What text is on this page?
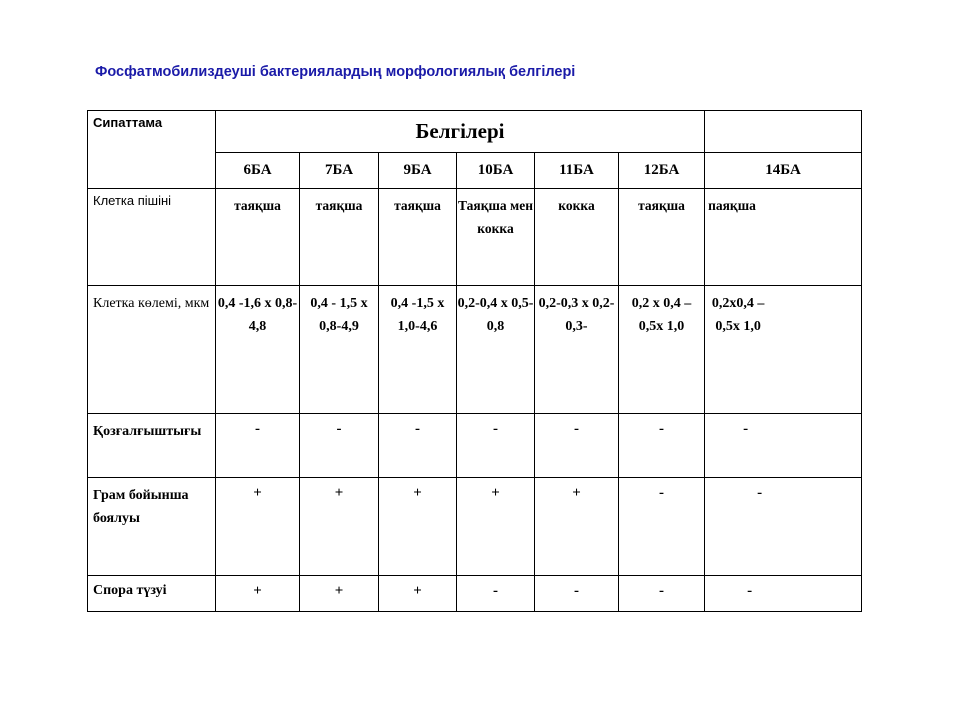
Фосфатмобилиздеуші бактериялардың морфологиялық белгілері
Сипаттама	Белгілері						
	6БА	7БА	9БА	10БА	11БА	12БА	14БА
Клетка пішіні	таяқша	таяқша	таяқша	Таяқша мен кокка	кокка	таяқша	паяқша
Клетка көлемі, мкм	0,4 -1,6 х 0,8-4,8	0,4 - 1,5 х 0,8-4,9	0,4 -1,5 х 1,0-4,6	0,2-0,4 х 0,5-0,8	0,2-0,3 х 0,2-0,3-	0,2 х 0,4 – 0,5х 1,0	0,2х0,4 –0,5х 1,0

Қозғалғыштығы	-	-	-	-	-	-	-
Грам бойынша боялуы	+	+	+	+	+	-	-
Спора түзуі	+	+	+	-	-	-	-
